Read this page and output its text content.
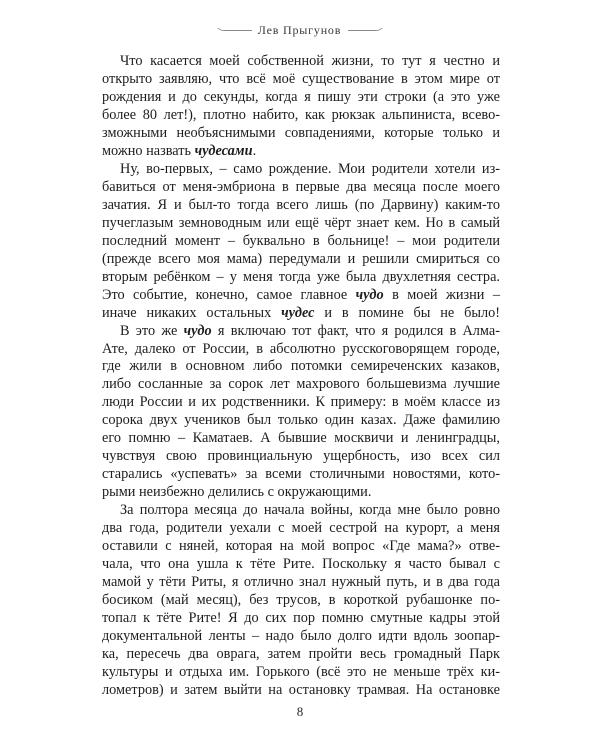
Лев Прыгунов

Что касается моей собственной жизни, то тут я честно и
открыто заявляю, что всё моё существование в этом мире от
рождения и до секунды, когда я пишу эти строки (а это уже
более 80 лет!), плотно набито, как рюкзак альпиниста, всево-
зможными необъяснимыми совпадениями, которые только и
можно назвать чудесами.

Ну, во-первых, – само рождение. Мои родители хотели из-
бавиться от меня-эмбриона в первые два месяца после моего
зачатия. Я и был-то тогда всего лишь (по Дарвину) каким-то
пучеглазым земноводным или ещё чёрт знает кем. Но в самый
последний момент – буквально в больнице! – мои родители
(прежде всего моя мама) передумали и решили смириться со
вторым ребёнком – у меня тогда уже была двухлетняя сестра.
Это событие, конечно, самое главное чудо в моей жизни –
иначе никаких остальных чудес и в помине бы не было!

В это же чудо я включаю тот факт, что я родился в Алма-
Ате, далеко от России, в абсолютно русскоговорящем городе,
где жили в основном либо потомки семиреченских казаков,
либо сосланные за сорок лет махрового большевизма лучшие
люди России и их родственники. К примеру: в моём классе из
сорока двух учеников был только один казах. Даже фамилию
его помню – Каматаев. А бывшие москвичи и ленинградцы,
чувствуя свою провинциальную ущербность, изо всех сил
старались «успевать» за всеми столичными новостями, кото-
рыми неизбежно делились с окружающими.

За полтора месяца до начала войны, когда мне было ровно
два года, родители уехали с моей сестрой на курорт, а меня
оставили с няней, которая на мой вопрос «Где мама?» отве-
чала, что она ушла к тёте Рите. Поскольку я часто бывал с
мамой у тёти Риты, я отлично знал нужный путь, и в два года
босиком (май месяц), без трусов, в короткой рубашонке по-
топал к тёте Рите! Я до сих пор помню смутные кадры этой
документальной ленты – надо было долго идти вдоль зоопар-
ка, пересечь два оврага, затем пройти весь громадный Парк
культуры и отдыха им. Горького (всё это не меньше трёх ки-
лометров) и затем выйти на остановку трамвая. На остановке

8
